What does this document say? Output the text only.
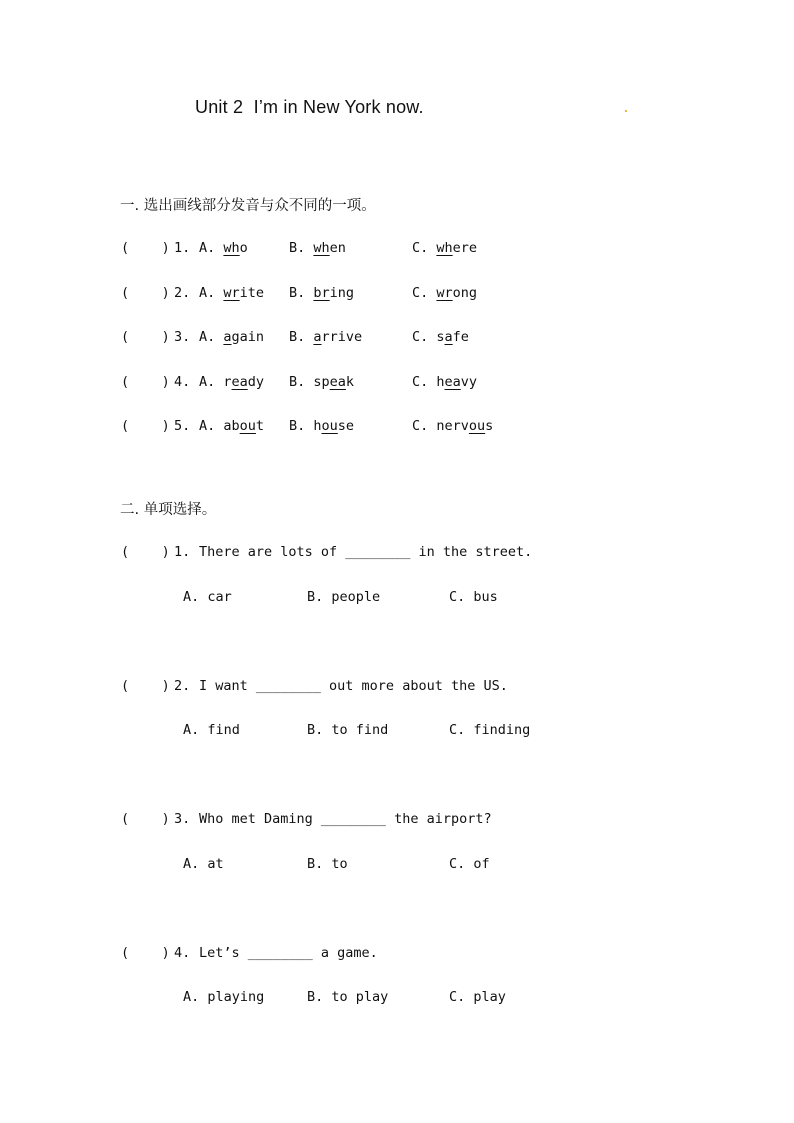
Unit 2  I’m in New York now.
一. 选出画线部分发音与众不同的一项。

(    )

1.

A. who

	B. when

	C. where

(    )

2.

A. write

B. bring

	C. wrong

(    )

3.

A. again

B. arrive

	C. safe

(    )

4.

A. ready

B. speak

	C. heavy

(    )

5.

A. about

B. house

	C. nervous

二. 单项选择。

(    )

1.

There are lots of ________ in the street.

A. car

	B. people

	C. bus

(    )

2.

I want ________ out more about the US.

A. find

	B. to find

	C. finding

(    )

3.

Who met Daming ________ the airport?

A. at

	B. to

	C. of

(    )

4.

Let’s ________ a game.

A. playing

	B. to play

	C. play
